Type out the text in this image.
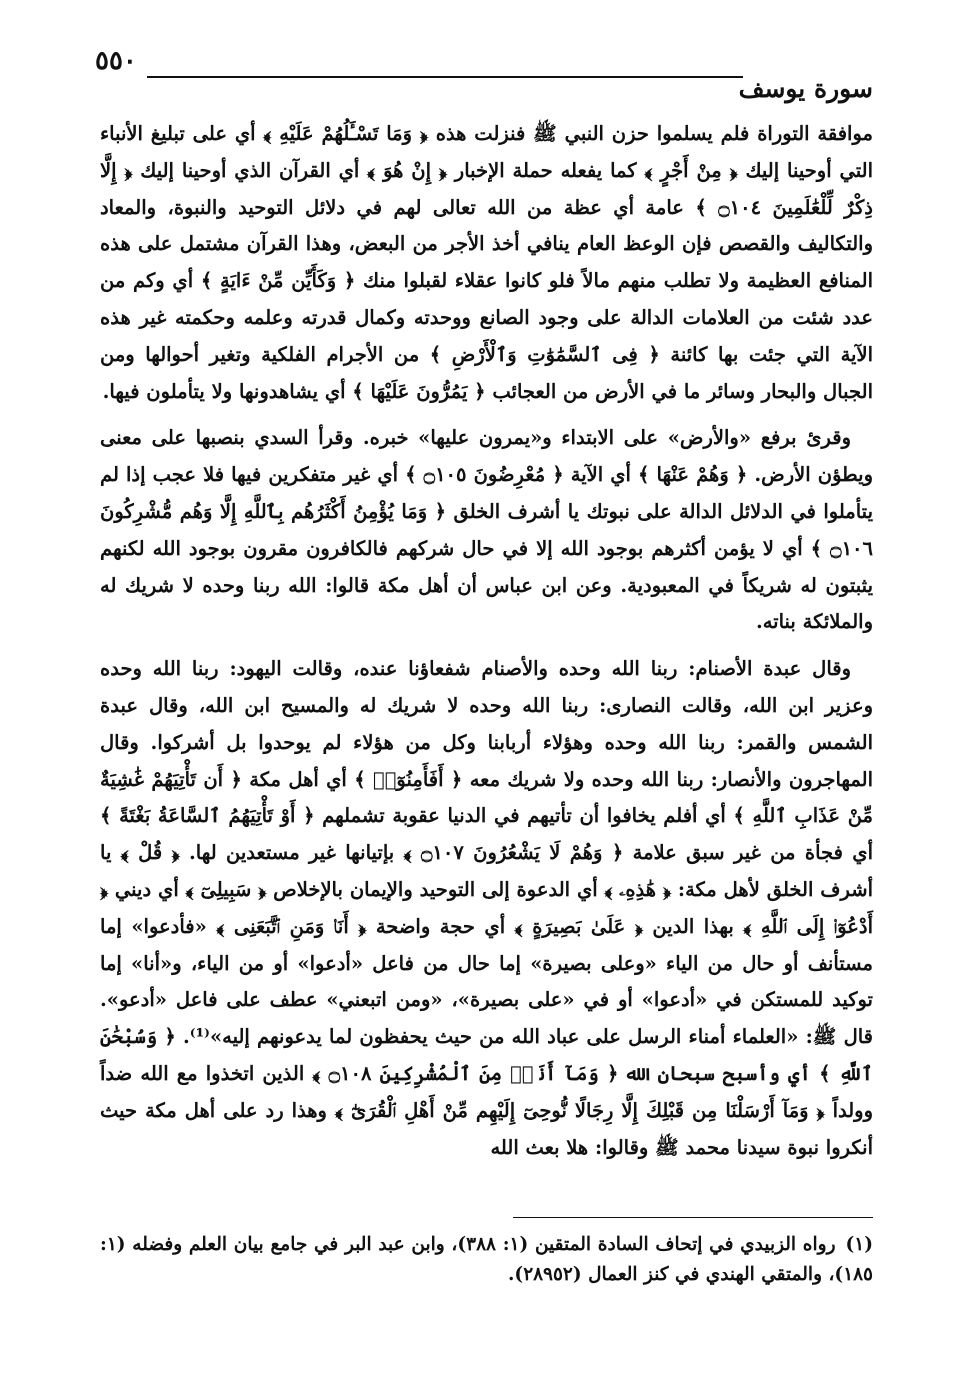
٥٥٠
سورة يوسف

موافقة التوراة فلم يسلموا حزن النبي ﷺ فنزلت هذه ﴿ وَمَا تَسْـَٔلُهُمْ عَلَيْهِ ﴾ أي على تبليغ الأنباء التي أوحينا إليك ﴿ مِنْ أَجْرٍ ﴾ كما يفعله حملة الإخبار ﴿ إِنْ هُوَ ﴾ أي القرآن الذي أوحينا إليك ﴿ إِلَّا ذِكْرٌ لِّلْعَٰلَمِينَ ۝١٠٤ ﴾ عامة أي عظة من الله تعالى لهم في دلائل التوحيد والنبوة، والمعاد والتكاليف والقصص فإن الوعظ العام ينافي أخذ الأجر من البعض، وهذا القرآن مشتمل على هذه المنافع العظيمة ولا تطلب منهم مالاً فلو كانوا عقلاء لقبلوا منك ﴿ وَكَأَيِّن مِّنْ ءَايَةٍ ﴾ أي وكم من عدد شئت من العلامات الدالة على وجود الصانع ووحدته وكمال قدرته وعلمه وحكمته غير هذه الآية التي جئت بها كائنة ﴿ فِى ٱلسَّمَٰوَٰتِ وَٱلْأَرْضِ ﴾ من الأجرام الفلكية وتغير أحوالها ومن الجبال والبحار وسائر ما في الأرض من العجائب ﴿ يَمُرُّونَ عَلَيْهَا ﴾ أي يشاهدونها ولا يتأملون فيها.

وقرئ برفع «والأرض» على الابتداء و«يمرون عليها» خبره. وقرأ السدي بنصبها على معنى ويطؤن الأرض. ﴿ وَهُمْ عَنْهَا ﴾ أي الآية ﴿ مُعْرِضُونَ ۝١٠٥ ﴾ أي غير متفكرين فيها فلا عجب إذا لم يتأملوا في الدلائل الدالة على نبوتك يا أشرف الخلق ﴿ وَمَا يُؤْمِنُ أَكْثَرُهُم بِٱللَّهِ إِلَّا وَهُم مُّشْرِكُونَ ۝١٠٦ ﴾ أي لا يؤمن أكثرهم بوجود الله إلا في حال شركهم فالكافرون مقرون بوجود الله لكنهم يثبتون له شريكاً في المعبودية. وعن ابن عباس أن أهل مكة قالوا: الله ربنا وحده لا شريك له والملائكة بناته.

وقال عبدة الأصنام: ربنا الله وحده والأصنام شفعاؤنا عنده، وقالت اليهود: ربنا الله وحده وعزير ابن الله، وقالت النصارى: ربنا الله وحده لا شريك له والمسيح ابن الله، وقال عبدة الشمس والقمر: ربنا الله وحده وهؤلاء أربابنا وكل من هؤلاء لم يوحدوا بل أشركوا. وقال المهاجرون والأنصار: ربنا الله وحده ولا شريك معه ﴿ أَفَأَمِنُوٓا۟ ﴾ أي أهل مكة ﴿ أَن تَأْتِيَهُمْ غَٰشِيَةٌ مِّنْ عَذَابِ ٱللَّهِ ﴾ أي أفلم يخافوا أن تأتيهم في الدنيا عقوبة تشملهم ﴿ أَوْ تَأْتِيَهُمُ ٱلسَّاعَةُ بَغْتَةً ﴾ أي فجأة من غير سبق علامة ﴿ وَهُمْ لَا يَشْعُرُونَ ۝١٠٧ ﴾ بإتيانها غير مستعدين لها. ﴿ قُلْ ﴾ يا أشرف الخلق لأهل مكة: ﴿ هَٰذِهِۦ ﴾ أي الدعوة إلى التوحيد والإيمان بالإخلاص ﴿ سَبِيلِىٓ ﴾ أي ديني ﴿ أَدْعُوٓا۟ إِلَى ٱللَّهِ ﴾ بهذا الدين ﴿ عَلَىٰ بَصِيرَةٍ ﴾ أي حجة واضحة ﴿ أَنَا۠ وَمَنِ ٱتَّبَعَنِى ﴾ «فأدعوا» إما مستأنف أو حال من الياء «وعلى بصيرة» إما حال من فاعل «أدعوا» أو من الياء، و«أنا» إما توكيد للمستكن في «أدعوا» أو في «على بصيرة»، «ومن اتبعني» عطف على فاعل «أدعو». قال ﷺ: «العلماء أمناء الرسل على عباد الله من حيث يحفظون لما يدعونهم إليه»⁽¹⁾. ﴿ وَسُبْحَٰنَ ٱللَّهِ ﴾ أي وأسبح سبحان الله ﴿ وَمَآ أَنَا۠ مِنَ ٱلْمُشْرِكِينَ ۝١٠٨ ﴾ الذين اتخذوا مع الله ضداً وولداً ﴿ وَمَآ أَرْسَلْنَا مِن قَبْلِكَ إِلَّا رِجَالًا نُّوحِىٓ إِلَيْهِم مِّنْ أَهْلِ ٱلْقُرَىٰٓ ﴾ وهذا رد على أهل مكة حيث أنكروا نبوة سيدنا محمد ﷺ وقالوا: هلا بعث الله

(١)رواه الزبيدي في إتحاف السادة المتقين (١: ٣٨٨)، وابن عبد البر في جامع بيان العلم وفضله (١: ١٨٥)، والمتقي الهندي في كنز العمال (٢٨٩٥٢).
